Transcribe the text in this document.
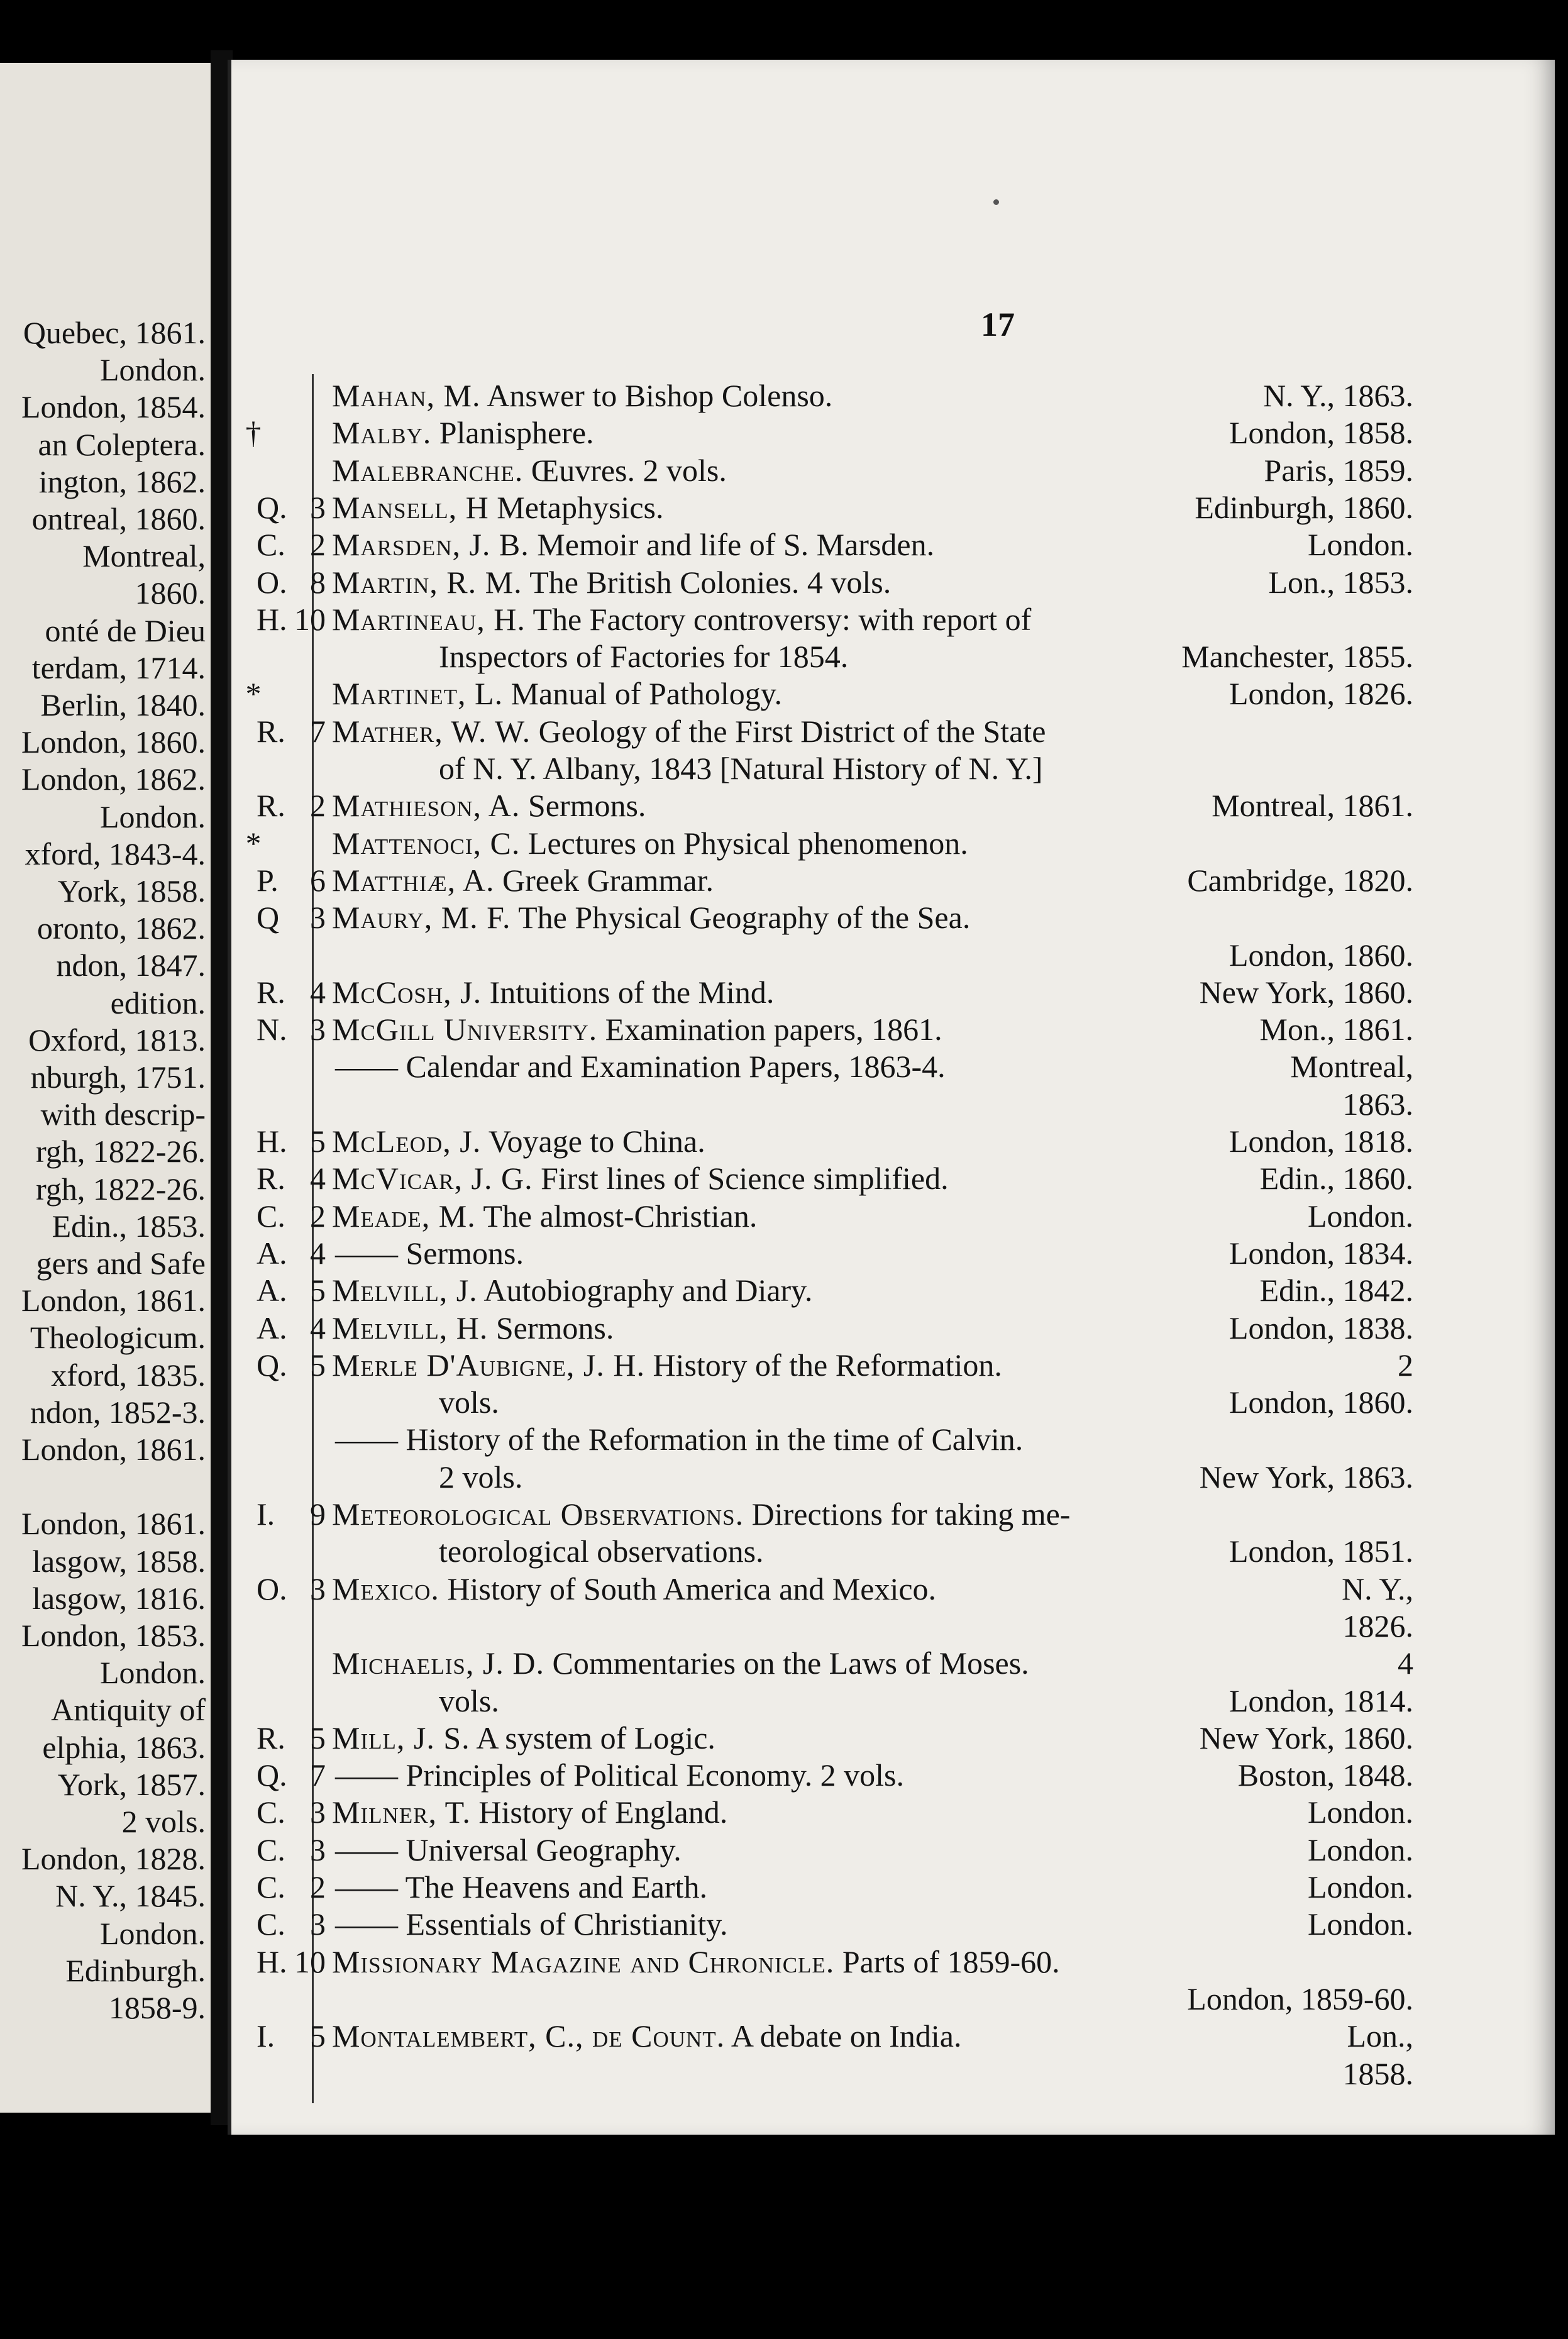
Quebec, 1861.
London.
London, 1854.
an Coleptera.
ington, 1862.
ontreal, 1860.
Montreal,
1860.
onté de Dieu
terdam, 1714.
Berlin, 1840.
London, 1860.
London, 1862.
London.
xford, 1843-4.
York, 1858.
oronto, 1862.
ndon, 1847.
edition.
Oxford, 1813.
nburgh, 1751.
with descrip-
rgh, 1822-26.
rgh, 1822-26.
Edin., 1853.
gers and Safe
London, 1861.
Theologicum.
xford, 1835.
ndon, 1852-3.
London, 1861.
London, 1861.
lasgow, 1858.
lasgow, 1816.
London, 1853.
London.
Antiquity of
elphia, 1863.
York, 1857.
2 vols.
London, 1828.
N. Y., 1845.
London.
Edinburgh.
1858-9.
17
Mahan, M. Answer to Bishop Colenso.	N. Y., 1863.
†	Malby. Planisphere.	London, 1858.
Malebranche. Œuvres. 2 vols.	Paris, 1859.
Q. 3 Mansell, H Metaphysics.	Edinburgh, 1860.
C. 2 Marsden, J. B. Memoir and life of S. Marsden.	London.
O. 8 Martin, R. M. The British Colonies. 4 vols.	Lon., 1853.
H. 10 Martineau, H. The Factory controversy: with report of
Inspectors of Factories for 1854.	Manchester, 1855.
*	Martinet, L. Manual of Pathology.	London, 1826.
R. 7 Mather, W. W. Geology of the First District of the State
of N. Y. Albany, 1843 [Natural History of N. Y.]
R. 2 Mathieson, A. Sermons.	Montreal, 1861.
*	Mattenoci, C. Lectures on Physical phenomenon.
P.	6 Matthiæ, A. Greek Grammar.	Cambridge, 1820.
Q 3 Maury, M. F. The Physical Geography of the Sea.
London, 1860.
R. 4 McCosh, J. Intuitions of the Mind.	New York, 1860.
N. 3 McGill University. Examination papers, 1861.	Mon., 1861.
—— Calendar and Examination Papers, 1863-4.	Montreal,
1863.
H. 5 McLeod, J. Voyage to China.	London, 1818.
R. 4 McVicar, J. G. First lines of Science simplified.	Edin., 1860.
C. 2 Meade, M. The almost-Christian.	London.
A. 4 —— Sermons.	London, 1834.
A. 5 Melvill, J. Autobiography and Diary.	Edin., 1842.
A. 4 Melvill, H. Sermons.	London, 1838.
Q. 5 Merle D'Aubigne, J. H. History of the Reformation.	2
vols.	London, 1860.
—— History of the Reformation in the time of Calvin.
2 vols.	New York, 1863.
I.	9 Meteorological Observations. Directions for taking me-
teorological observations.	London, 1851.
O. 3 Mexico. History of South America and Mexico.	N. Y.,
1826.
Michaelis, J. D. Commentaries on the Laws of Moses.	4
vols.	London, 1814.
R. 5 Mill, J. S. A system of Logic.	New York, 1860.
Q. 7 —— Principles of Political Economy. 2 vols.	Boston, 1848.
C. 3 Milner, T. History of England.	London.
C. 3 —— Universal Geography.	London.
C. 2 —— The Heavens and Earth.	London.
C. 3 —— Essentials of Christianity.	London.
H. 10 Missionary Magazine and Chronicle. Parts of 1859-60.
London, 1859-60.
I.	5 Montalembert, C., de Count. A debate on India.	Lon.,
1858.
